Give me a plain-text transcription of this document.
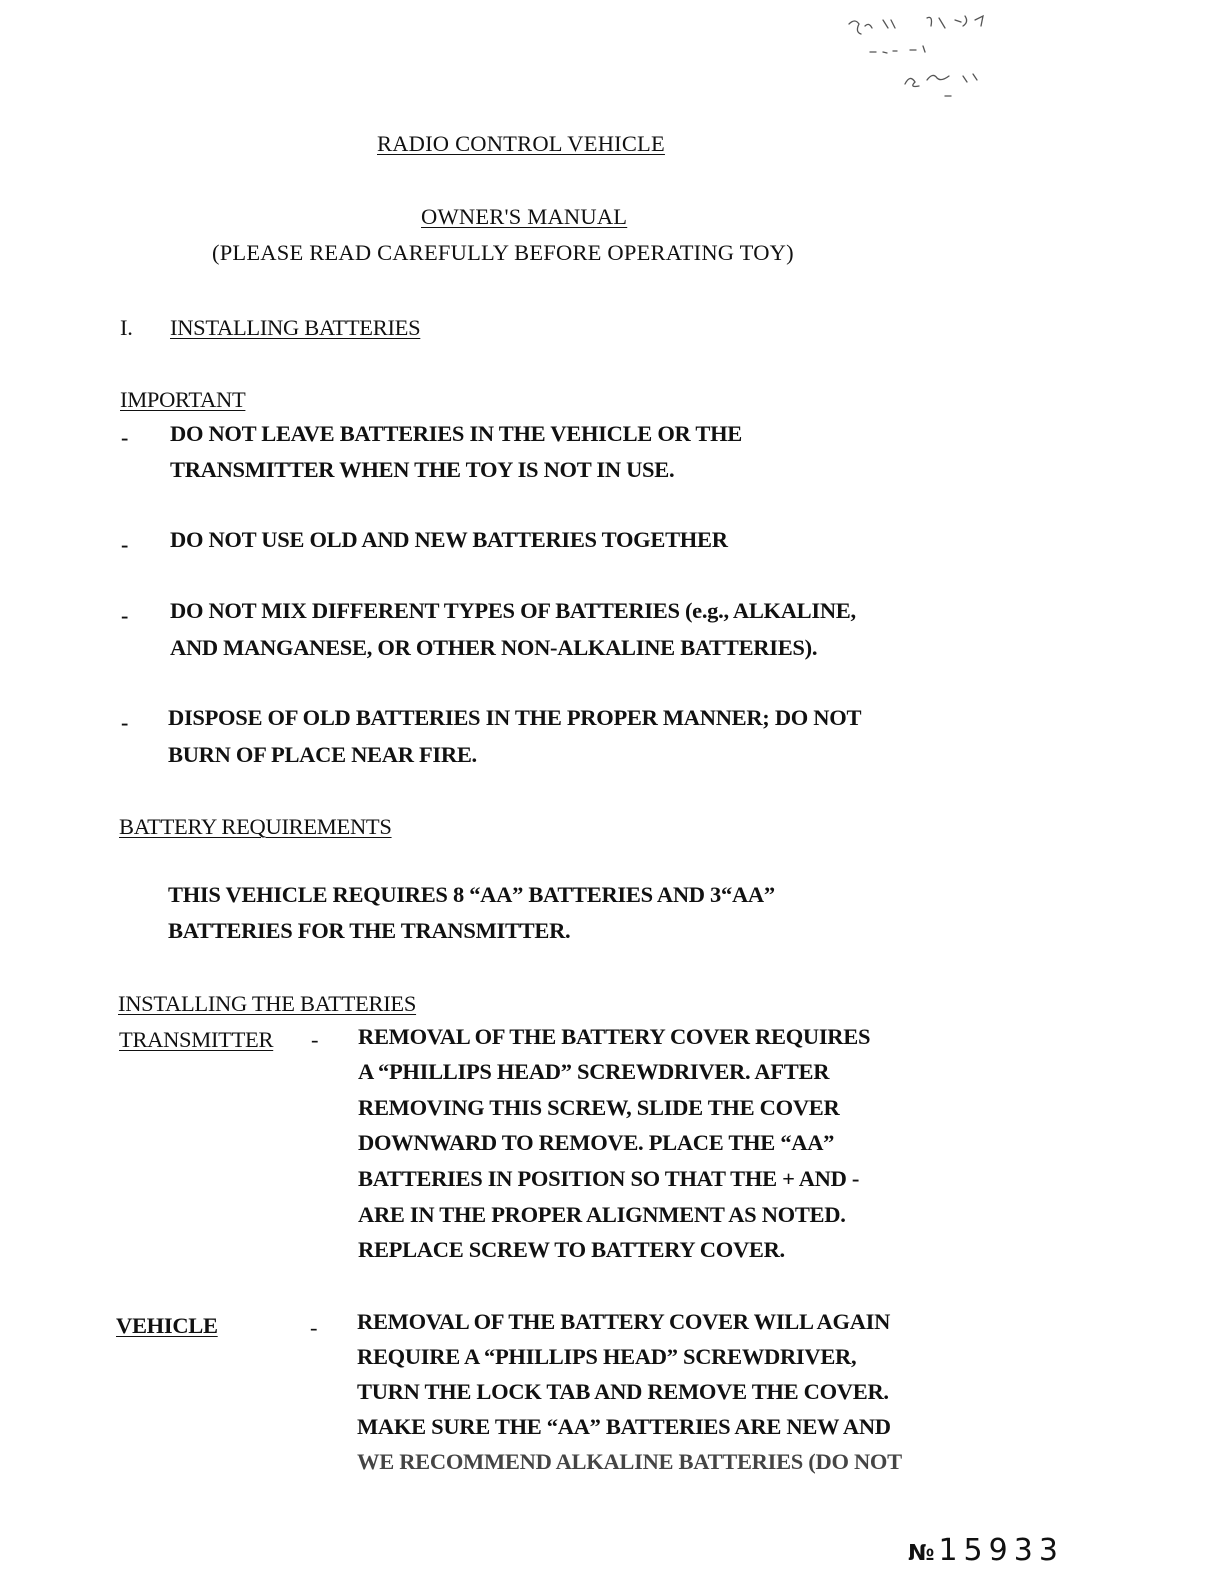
RADIO CONTROL VEHICLE
OWNER'S MANUAL
(PLEASE READ CAREFULLY BEFORE OPERATING TOY)
I. INSTALLING BATTERIES
IMPORTANT
- DO NOT LEAVE BATTERIES IN THE VEHICLE OR THE
TRANSMITTER WHEN THE TOY IS NOT IN USE.
- DO NOT USE OLD AND NEW BATTERIES TOGETHER
- DO NOT MIX DIFFERENT TYPES OF BATTERIES (e.g., ALKALINE,
AND MANGANESE, OR OTHER NON-ALKALINE BATTERIES).
- DISPOSE OF OLD BATTERIES IN THE PROPER MANNER; DO NOT
BURN OF PLACE NEAR FIRE.
BATTERY REQUIREMENTS
THIS VEHICLE REQUIRES 8 “AA” BATTERIES AND 3“AA”
BATTERIES FOR THE TRANSMITTER.
INSTALLING THE BATTERIES
TRANSMITTER - REMOVAL OF THE BATTERY COVER REQUIRES
A “PHILLIPS HEAD” SCREWDRIVER. AFTER
REMOVING THIS SCREW, SLIDE THE COVER
DOWNWARD TO REMOVE. PLACE THE “AA”
BATTERIES IN POSITION SO THAT THE + AND -
ARE IN THE PROPER ALIGNMENT AS NOTED.
REPLACE SCREW TO BATTERY COVER.
VEHICLE	- REMOVAL OF THE BATTERY COVER WILL AGAIN
REQUIRE A “PHILLIPS HEAD” SCREWDRIVER,
TURN THE LOCK TAB AND REMOVE THE COVER.
MAKE SURE THE “AA” BATTERIES ARE NEW AND
WE RECOMMEND ALKALINE BATTERIES (DO NOT
№ 15933
